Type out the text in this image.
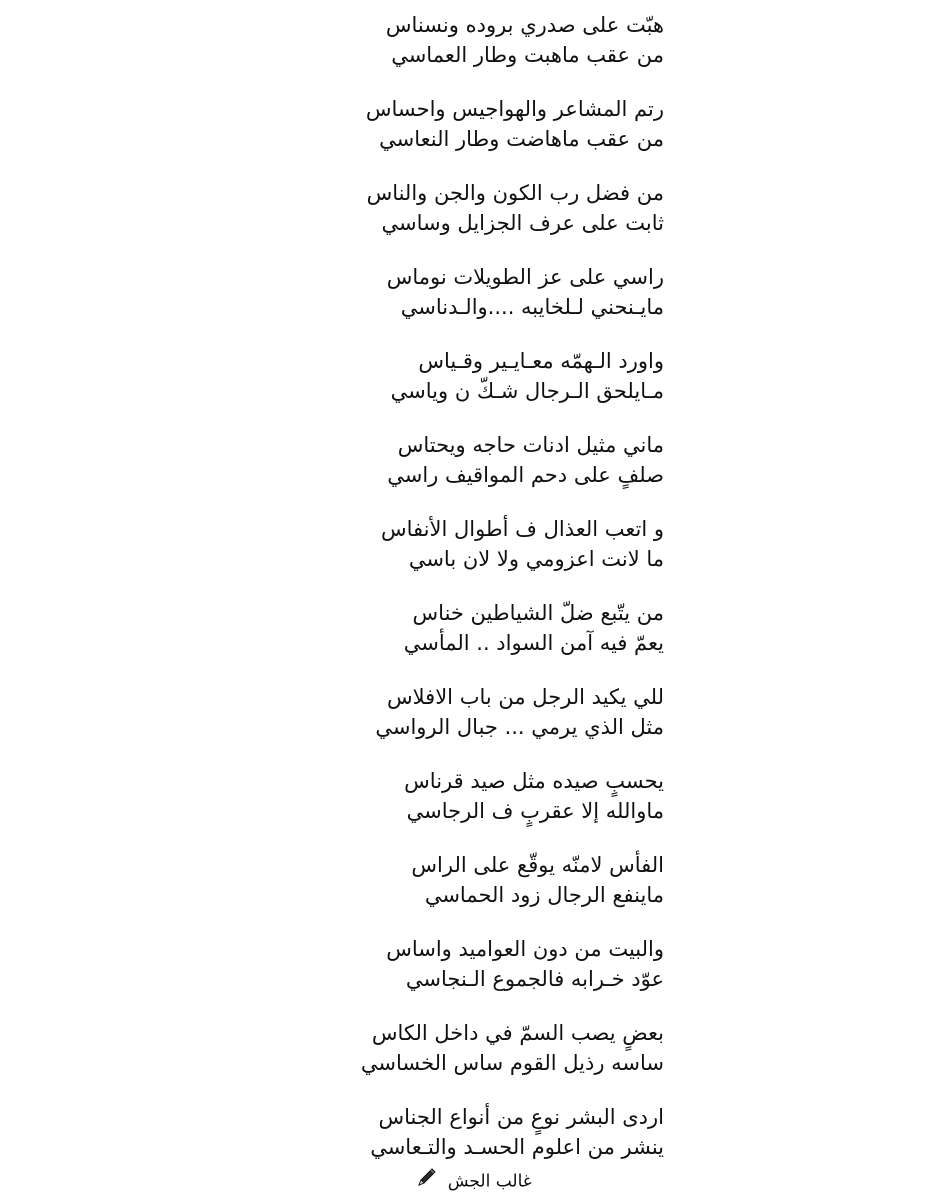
هبّت على صدري بروده ونسناس
من عقب ماهبت وطار العماسي
رتم المشاعر والهواجيس واحساس
من عقب ماهاضت وطار النعاسي
من فضل رب الكون والجن والناس
ثابت على عرف الجزايل وساسي
راسي على عز الطويلات نوماس
مايـنحني لـلخايبه ....والـدناسي
واورد الـهمّه معـايـير وقـياس
مـايلحق الـرجال شـكّ ن وياسي
ماني مثيل ادنات حاجه ويحتاس
صلفٍ على دحم المواقيف راسي
و اتعب العذال ف أطوال الأنفاس
ما لانت اعزومي ولا لان باسي
من يتّبع ضلّ الشياطين خناس
يعمّ فيه آمن السواد .. المأسي
للي يكيد الرجل من باب الافلاس
مثل الذي يرمي ... جبال الرواسي
يحسبٍ صيده مثل صيد قرناس
ماوالله إلا عقربٍ ف الرجاسي
الفأس لامنّه يوقّع على الراس
ماينفع الرجال زود الحماسي
والبيت من دون العواميد واساس
عوّد خـرابه فالجموع الـنجاسي
بعضٍ يصب السمّ في داخل الكاس
ساسه رذيل القوم ساس الخساسي
اردى البشر نوعٍ من أنواع الجناس
ينشر من اعلوم الحسـد والتـعاسي
غالب الجش
